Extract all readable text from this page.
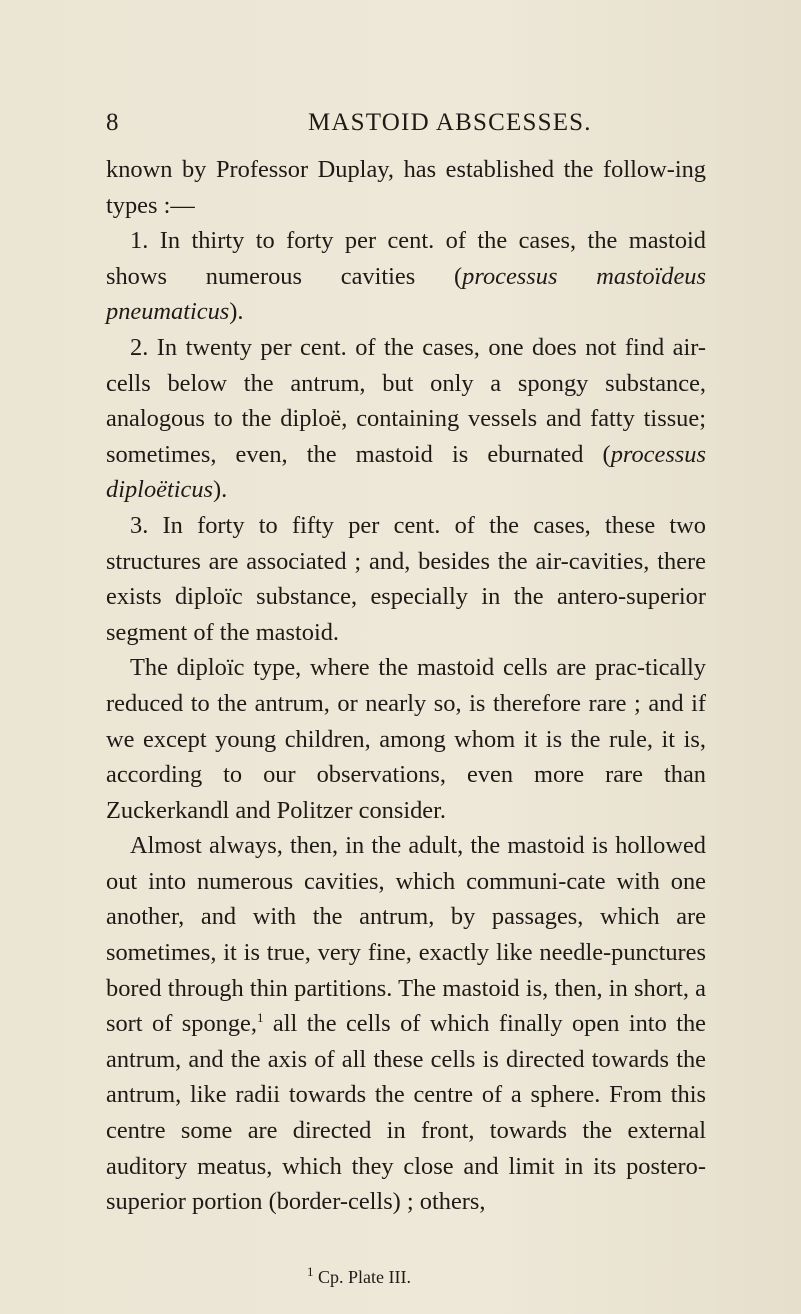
8	MASTOID ABSCESSES.

known by Professor Duplay, has established the follow-ing types :—

1. In thirty to forty per cent. of the cases, the mastoid shows numerous cavities (processus mastoïdeus pneumaticus).

2. In twenty per cent. of the cases, one does not find air-cells below the antrum, but only a spongy substance, analogous to the diploë, containing vessels and fatty tissue; sometimes, even, the mastoid is eburnated (processus diploëticus).

3. In forty to fifty per cent. of the cases, these two structures are associated ; and, besides the air-cavities, there exists diploïc substance, especially in the antero-superior segment of the mastoid.

The diploïc type, where the mastoid cells are prac-tically reduced to the antrum, or nearly so, is therefore rare ; and if we except young children, among whom it is the rule, it is, according to our observations, even more rare than Zuckerkandl and Politzer consider.

Almost always, then, in the adult, the mastoid is hollowed out into numerous cavities, which communi-cate with one another, and with the antrum, by passages, which are sometimes, it is true, very fine, exactly like needle-punctures bored through thin partitions. The mastoid is, then, in short, a sort of sponge,$^1$ all the cells of which finally open into the antrum, and the axis of all these cells is directed towards the antrum, like radii towards the centre of a sphere. From this centre some are directed in front, towards the external auditory meatus, which they close and limit in its postero-superior portion (border-cells) ; others,

$^1$ Cp. Plate III.
